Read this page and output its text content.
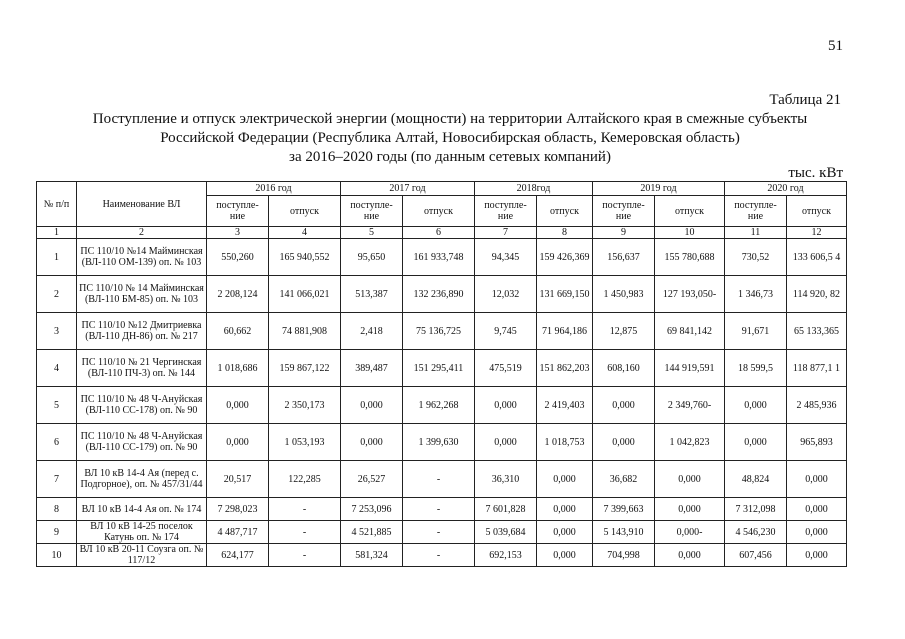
51
Таблица 21
Поступление и отпуск электрической энергии (мощности) на территории Алтайского края в смежные субъекты
Российской Федерации (Республика Алтай, Новосибирская область, Кемеровская область)
за 2016–2020 годы (по данным сетевых компаний)
тыс. кВт
№ п/п	Наименование ВЛ	2016 год		2017 год		2018год		2019 год		2020 год	
		поступле-ние	отпуск	поступле-ние	отпуск	поступле-ние	отпуск	поступле-ние	отпуск	поступле-ние	отпуск
1	2	3	4	5	6	7	8	9	10	11	12
1	ПС 110/10 №14 Майминская (ВЛ-110 ОМ-139) оп. № 103	550,260	165 940,552	95,650	161 933,748	94,345	159 426,369	156,637	155 780,688	730,52	133 606,5 4
2	ПС 110/10 № 14 Майминская (ВЛ-110 БМ-85) оп. № 103	2 208,124	141 066,021	513,387	132 236,890	12,032	131 669,150	1 450,983	127 193,050-	1 346,73	114 920, 82
3	ПС 110/10 №12 Дмитриевка (ВЛ-110 ДН-86) оп. № 217	60,662	74 881,908	2,418	75 136,725	9,745	71 964,186	12,875	69 841,142	91,671	65 133,365
4	ПС 110/10 № 21 Чергинская (ВЛ-110 ПЧ-3) оп. № 144	1 018,686	159 867,122	389,487	151 295,411	475,519	151 862,203	608,160	144 919,591	18 599,5	118 877,1 1
5	ПС 110/10 № 48 Ч-Ануйская (ВЛ-110 СС-178) оп. № 90	0,000	2 350,173	0,000	1 962,268	0,000	2 419,403	0,000	2 349,760-	0,000	2 485,936
6	ПС 110/10 № 48 Ч-Ануйская (ВЛ-110 СС-179) оп. № 90	0,000	1 053,193	0,000	1 399,630	0,000	1 018,753	0,000	1 042,823	0,000	965,893
7	ВЛ 10 кВ 14-4 Ая (перед с. Подгорное), оп. № 457/31/44	20,517	122,285	26,527	-	36,310	0,000	36,682	0,000	48,824	0,000
8	ВЛ 10 кВ 14-4 Ая оп. № 174	7 298,023	-	7 253,096	-	7 601,828	0,000	7 399,663	0,000	7 312,098	0,000
9	ВЛ 10 кВ 14-25 поселок Катунь оп. № 174	4 487,717	-	4 521,885	-	5 039,684	0,000	5 143,910	0,000-	4 546,230	0,000
10	ВЛ 10 кВ 20-11 Соузга оп. № 117/12	624,177	-	581,324	-	692,153	0,000	704,998	0,000	607,456	0,000
